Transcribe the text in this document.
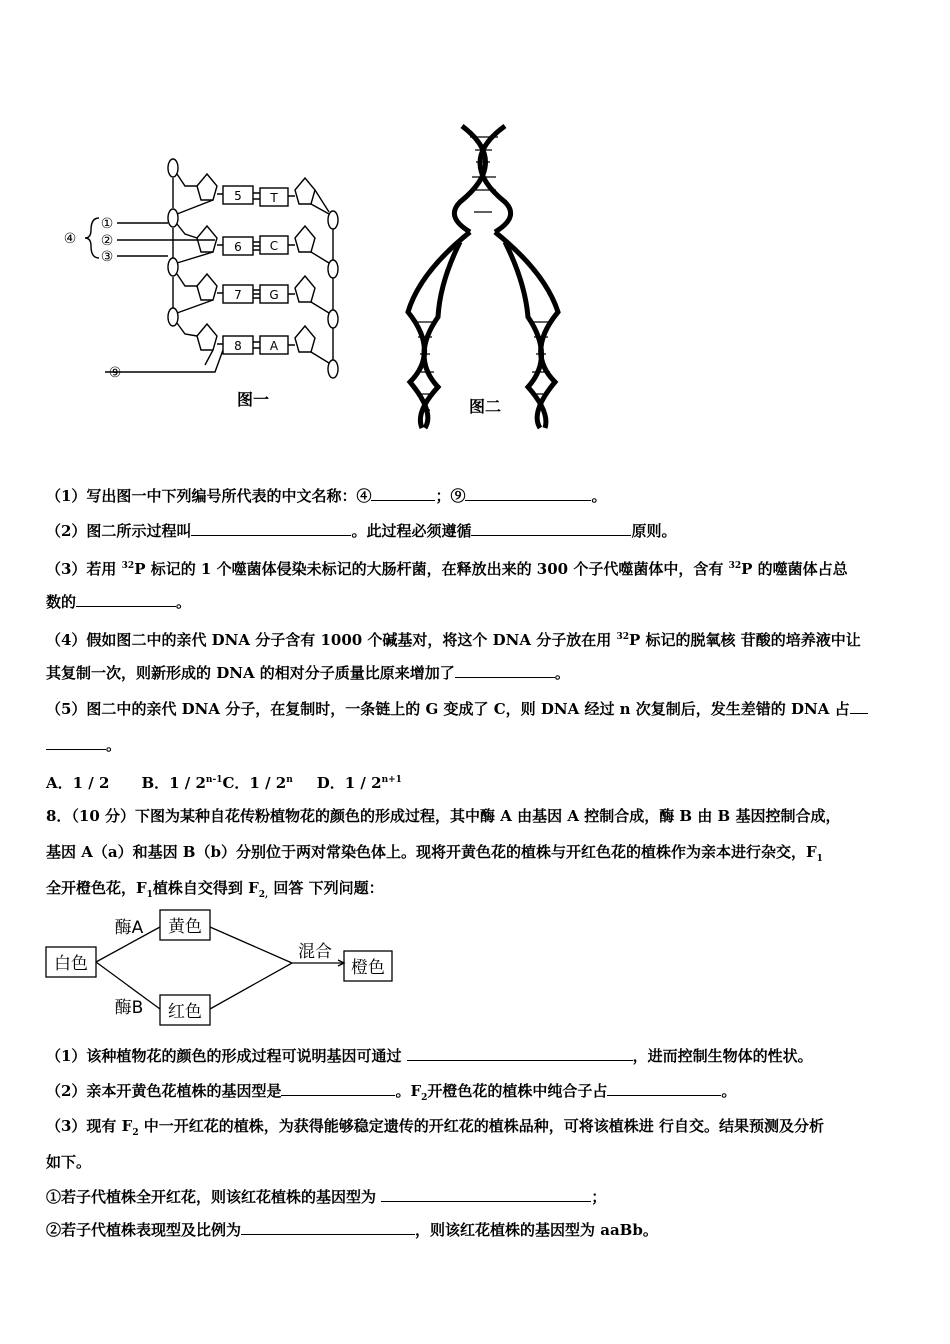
5
6
7
8
T
C
G
A
④
①
②
③
⑨
图一	图二
（1）写出图一中下列编号所代表的中文名称：④	；⑨	。
（2）图二所示过程叫	。此过程必须遵循	原则。
（3）若用 $^{32}$P 标记的 1 个噬菌体侵染未标记的大肠杆菌，在释放出来的 300 个子代噬菌体中，含有 $^{32}$P 的噬菌体占总
数的	。
（4）假如图二中的亲代 DNA 分子含有 1000 个碱基对，将这个 DNA 分子放在用 $^{32}$P 标记的脱氧核 苷酸的培养液中让
其复制一次，则新形成的 DNA 的相对分子质量比原来增加了	。
（5）图二中的亲代 DNA 分子，在复制时，一条链上的 G 变成了 C，则 DNA 经过 n 次复制后，发生差错的 DNA 占
。
A．1 / 2 B．1 / 2$^{n-1}$C．1 / 2$^n$ D．$1 / 2^{n+1}$
8．（10 分）下图为某种自花传粉植物花的颜色的形成过程，其中酶 A 由基因 A 控制合成，酶 B 由 B 基因控制合成，
基因 A（a）和基因 B（b）分别位于两对常染色体上。现将开黄色花的植株与开红色花的植株作为亲本进行杂交，$F_1$
全开橙色花，$F_1$植株自交得到 $F_{2,}$ 回答 下列问题：
白色
黄色
红色
橙色
酶A
酶B
混合
（1）该种植物花的颜色的形成过程可说明基因可通过	，进而控制生物体的性状。
（2）亲本开黄色花植株的基因型是	。$F_2$开橙色花的植株中纯合子占	。
（3）现有 $F_2$ 中一开红花的植株，为获得能够稳定遗传的开红花的植株品种，可将该植株进 行自交。结果预测及分析
如下。
①若子代植株全开红花，则该红花植株的基因型为	；
②若子代植株表现型及比例为	，则该红花植株的基因型为 aaBb。
